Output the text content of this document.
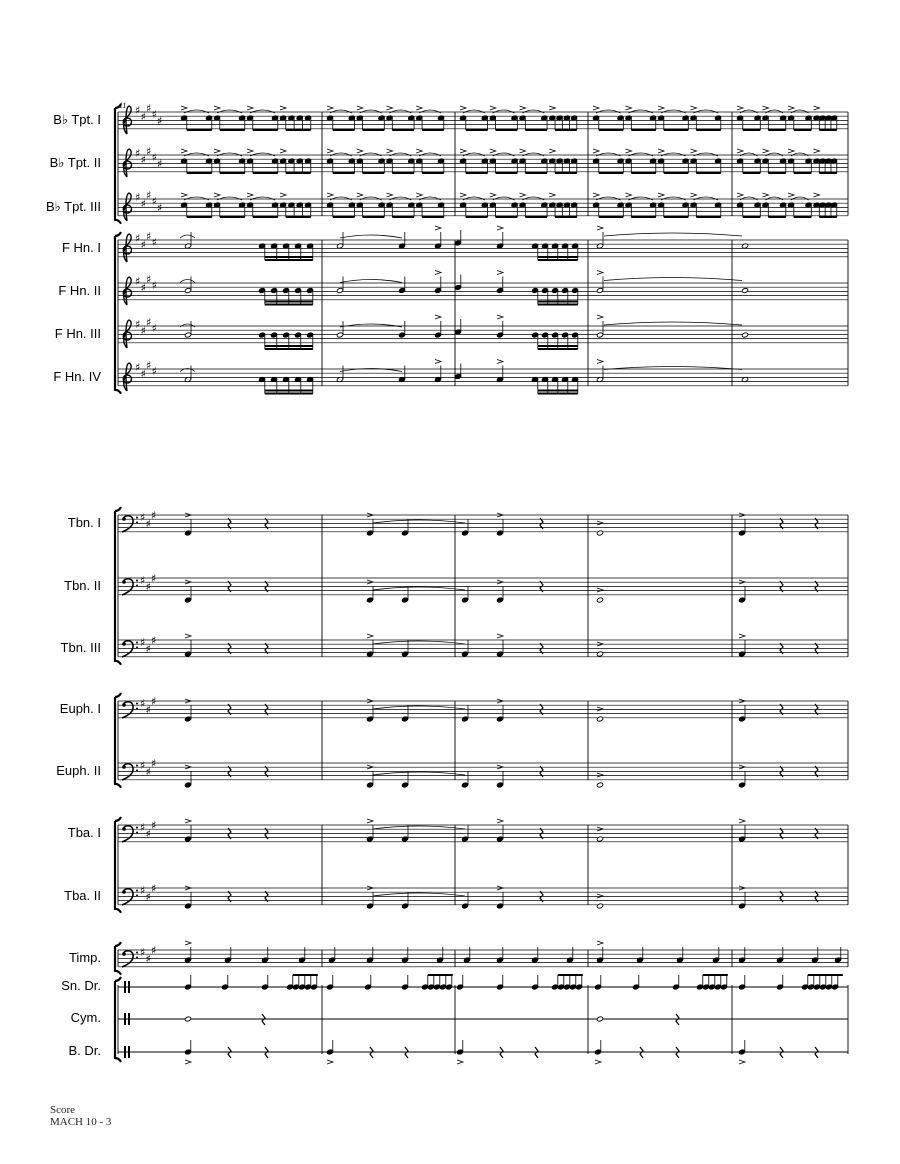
B♭ Tpt. I
B♭ Tpt. II
B♭ Tpt. III
F Hn. I
F Hn. II
F Hn. III
F Hn. IV
Tbn. I
Tbn. II
Tbn. III
Euph. I
Euph. II
Tba. I
Tba. II
Timp.
Sn. Dr.
Cym.
B. Dr.
♯ ♯
♯ ♯ ♯
♯ ♯
♯ ♯ ♯
♯ ♯
♯ ♯ ♯
♯ ♯
♯ ♯
♯ ♯
♯ ♯
♯ ♯
♯ ♯
♯ ♯
♯ ♯
♯ ♯
♯
♯ ♯
♯
♯ ♯
♯
♯ ♯
♯
♯ ♯
♯
♯ ♯
♯
♯ ♯
♯
♯ ♯
♯
11
Score
MACH 10 - 3
